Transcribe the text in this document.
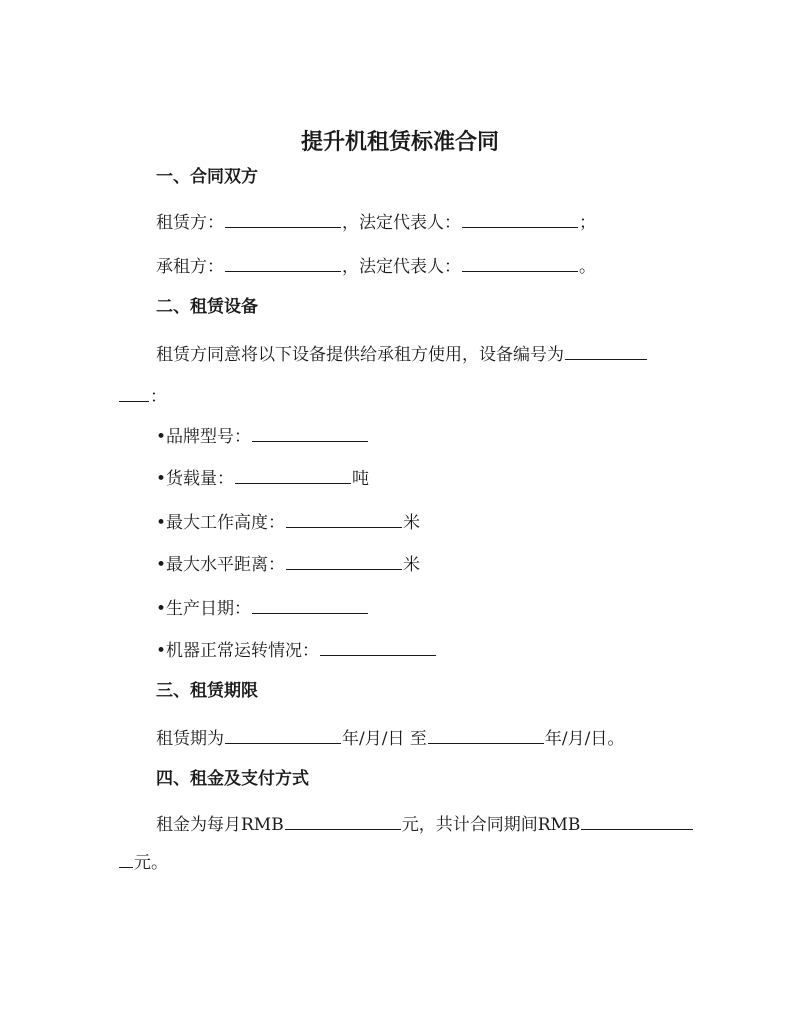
提升机租赁标准合同
一、合同双方
租赁方：	，法定代表人：	；
承租方：	，法定代表人：	。
二、租赁设备
租赁方同意将以下设备提供给承租方使用，设备编号为
：
•品牌型号：
•货载量：	吨
•最大工作高度：	米
•最大水平距离：	米
•生产日期：
•机器正常运转情况：
三、租赁期限
租赁期为	年/月/日 至	年/月/日。
四、租金及支付方式
租金为每月RMB	元，共计合同期间RMB
元。
